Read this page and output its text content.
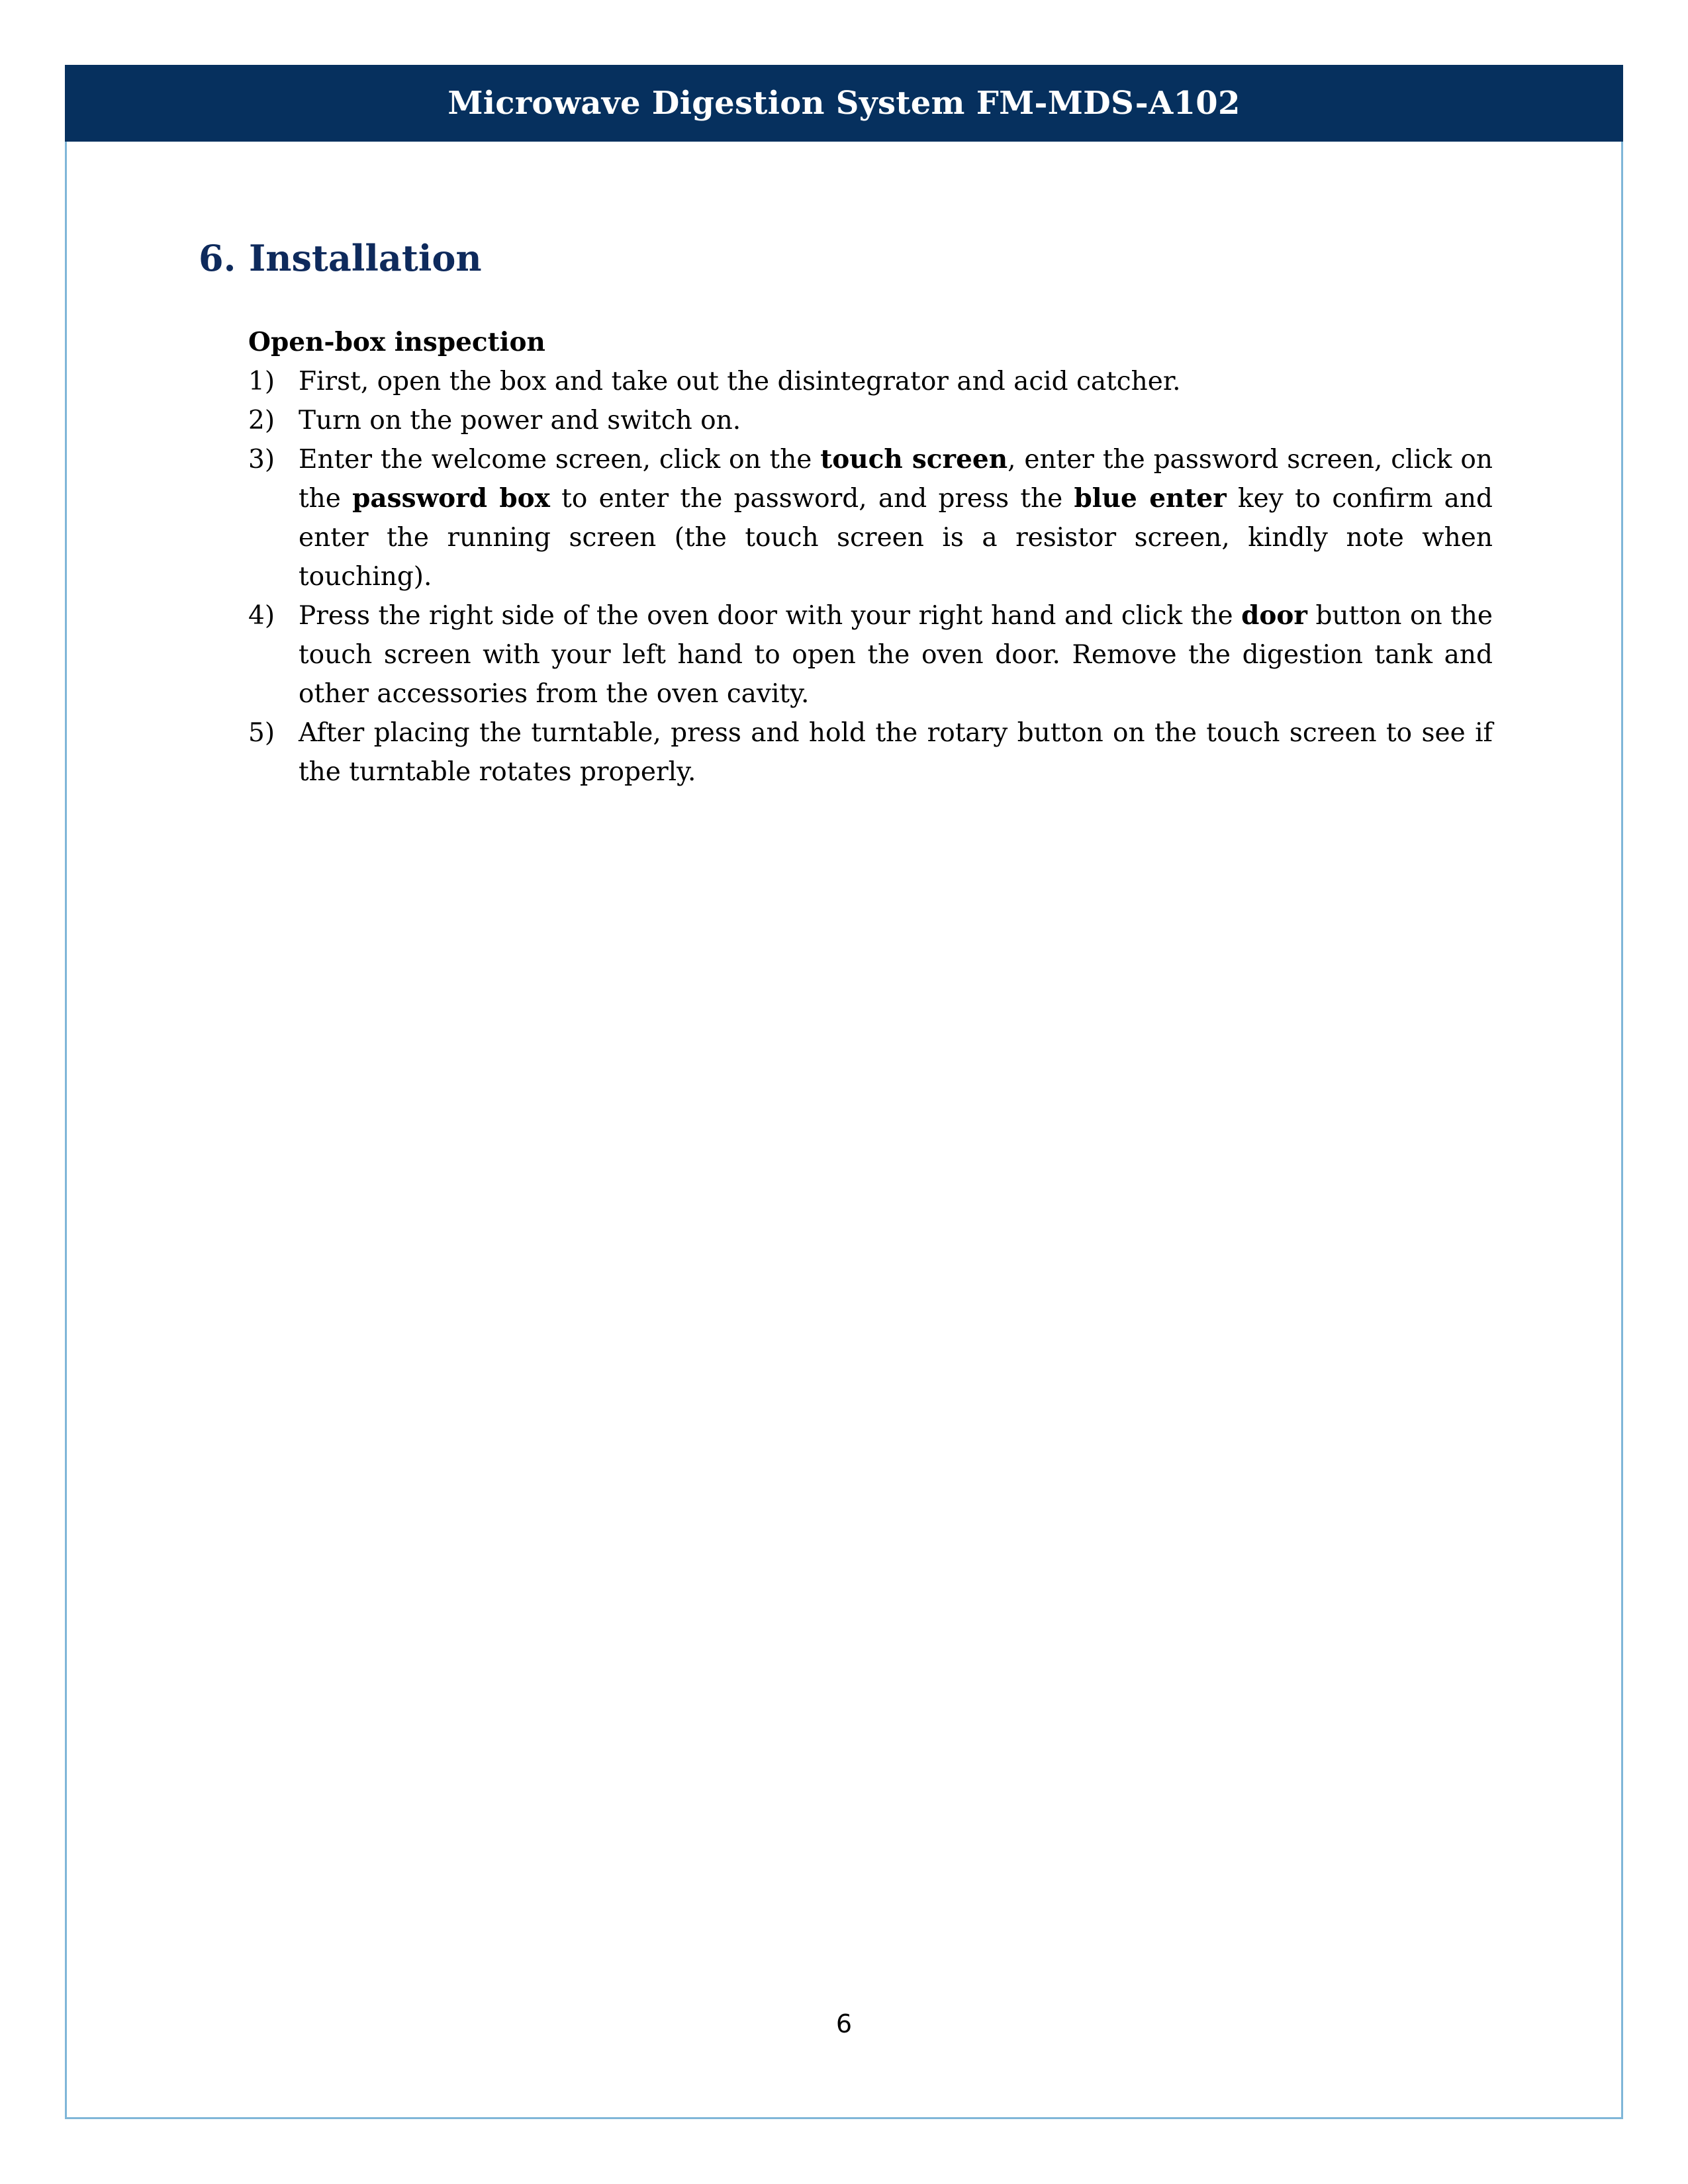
Microwave Digestion System FM-MDS-A102
6. Installation

Open-box inspection

1) First, open the box and take out the disintegrator and acid catcher.
2) Turn on the power and switch on.
3) Enter the welcome screen, click on the touch screen, enter the password screen, click on the password box to enter the password, and press the blue enter key to confirm and enter the running screen (the touch screen is a resistor screen, kindly note when touching).
4) Press the right side of the oven door with your right hand and click the door button on the touch screen with your left hand to open the oven door. Remove the digestion tank and other accessories from the oven cavity.
5) After placing the turntable, press and hold the rotary button on the touch screen to see if the turntable rotates properly.
6
